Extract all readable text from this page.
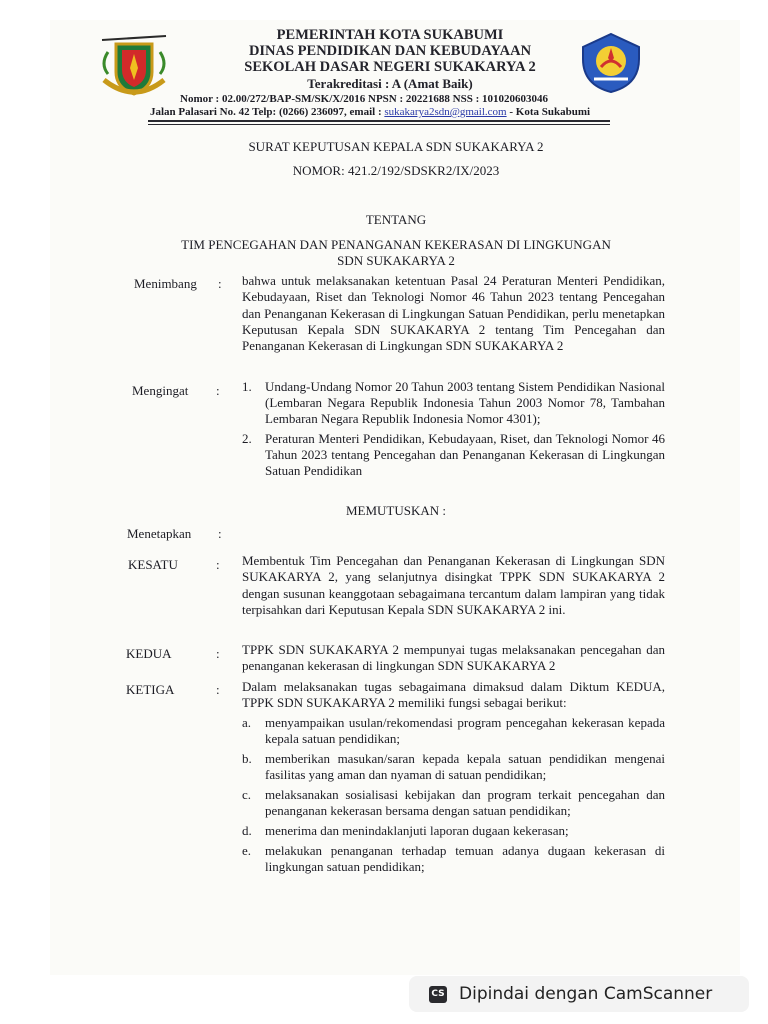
PEMERINTAH KOTA SUKABUMI
DINAS PENDIDIKAN DAN KEBUDAYAAN
SEKOLAH DASAR NEGERI SUKAKARYA 2
Terakreditasi : A (Amat Baik)
Nomor : 02.00/272/BAP-SM/SK/X/2016 NPSN : 20221688 NSS : 101020603046
Jalan Palasari No. 42 Telp: (0266) 236097, email : sukakarya2sdn@gmail.com - Kota Sukabumi
SURAT KEPUTUSAN KEPALA SDN SUKAKARYA 2
NOMOR: 421.2/192/SDSKR2/IX/2023
TENTANG
TIM PENCEGAHAN DAN PENANGANAN KEKERASAN DI LINGKUNGAN
SDN SUKAKARYA 2
Menimbang : bahwa untuk melaksanakan ketentuan Pasal 24 Peraturan Menteri Pendidikan, Kebudayaan, Riset dan Teknologi Nomor 46 Tahun 2023 tentang Pencegahan dan Penanganan Kekerasan di Lingkungan Satuan Pendidikan, perlu menetapkan Keputusan Kepala SDN SUKAKARYA 2 tentang Tim Pencegahan dan Penanganan Kekerasan di Lingkungan SDN SUKAKARYA 2
Mengingat : 1. Undang-Undang Nomor 20 Tahun 2003 tentang Sistem Pendidikan Nasional (Lembaran Negara Republik Indonesia Tahun 2003 Nomor 78, Tambahan Lembaran Negara Republik Indonesia Nomor 4301);
2. Peraturan Menteri Pendidikan, Kebudayaan, Riset, dan Teknologi Nomor 46 Tahun 2023 tentang Pencegahan dan Penanganan Kekerasan di Lingkungan Satuan Pendidikan
MEMUTUSKAN :
Menetapkan :
KESATU	: Membentuk Tim Pencegahan dan Penanganan Kekerasan di Lingkungan SDN SUKAKARYA 2, yang selanjutnya disingkat TPPK SDN SUKAKARYA 2 dengan susunan keanggotaan sebagaimana tercantum dalam lampiran yang tidak terpisahkan dari Keputusan Kepala SDN SUKAKARYA 2 ini.
KEDUA	: TPPK SDN SUKAKARYA 2 mempunyai tugas melaksanakan pencegahan dan penanganan kekerasan di lingkungan SDN SUKAKARYA 2
KETIGA	: Dalam melaksanakan tugas sebagaimana dimaksud dalam Diktum KEDUA, TPPK SDN SUKAKARYA 2 memiliki fungsi sebagai berikut:
a. menyampaikan usulan/rekomendasi program pencegahan kekerasan kepada kepala satuan pendidikan;
b. memberikan masukan/saran kepada kepala satuan pendidikan mengenai fasilitas yang aman dan nyaman di satuan pendidikan;
c. melaksanakan sosialisasi kebijakan dan program terkait pencegahan dan penanganan kekerasan bersama dengan satuan pendidikan;
d. menerima dan menindaklanjuti laporan dugaan kekerasan;
e. melakukan penanganan terhadap temuan adanya dugaan kekerasan di lingkungan satuan pendidikan;
CS Dipindai dengan CamScanner
